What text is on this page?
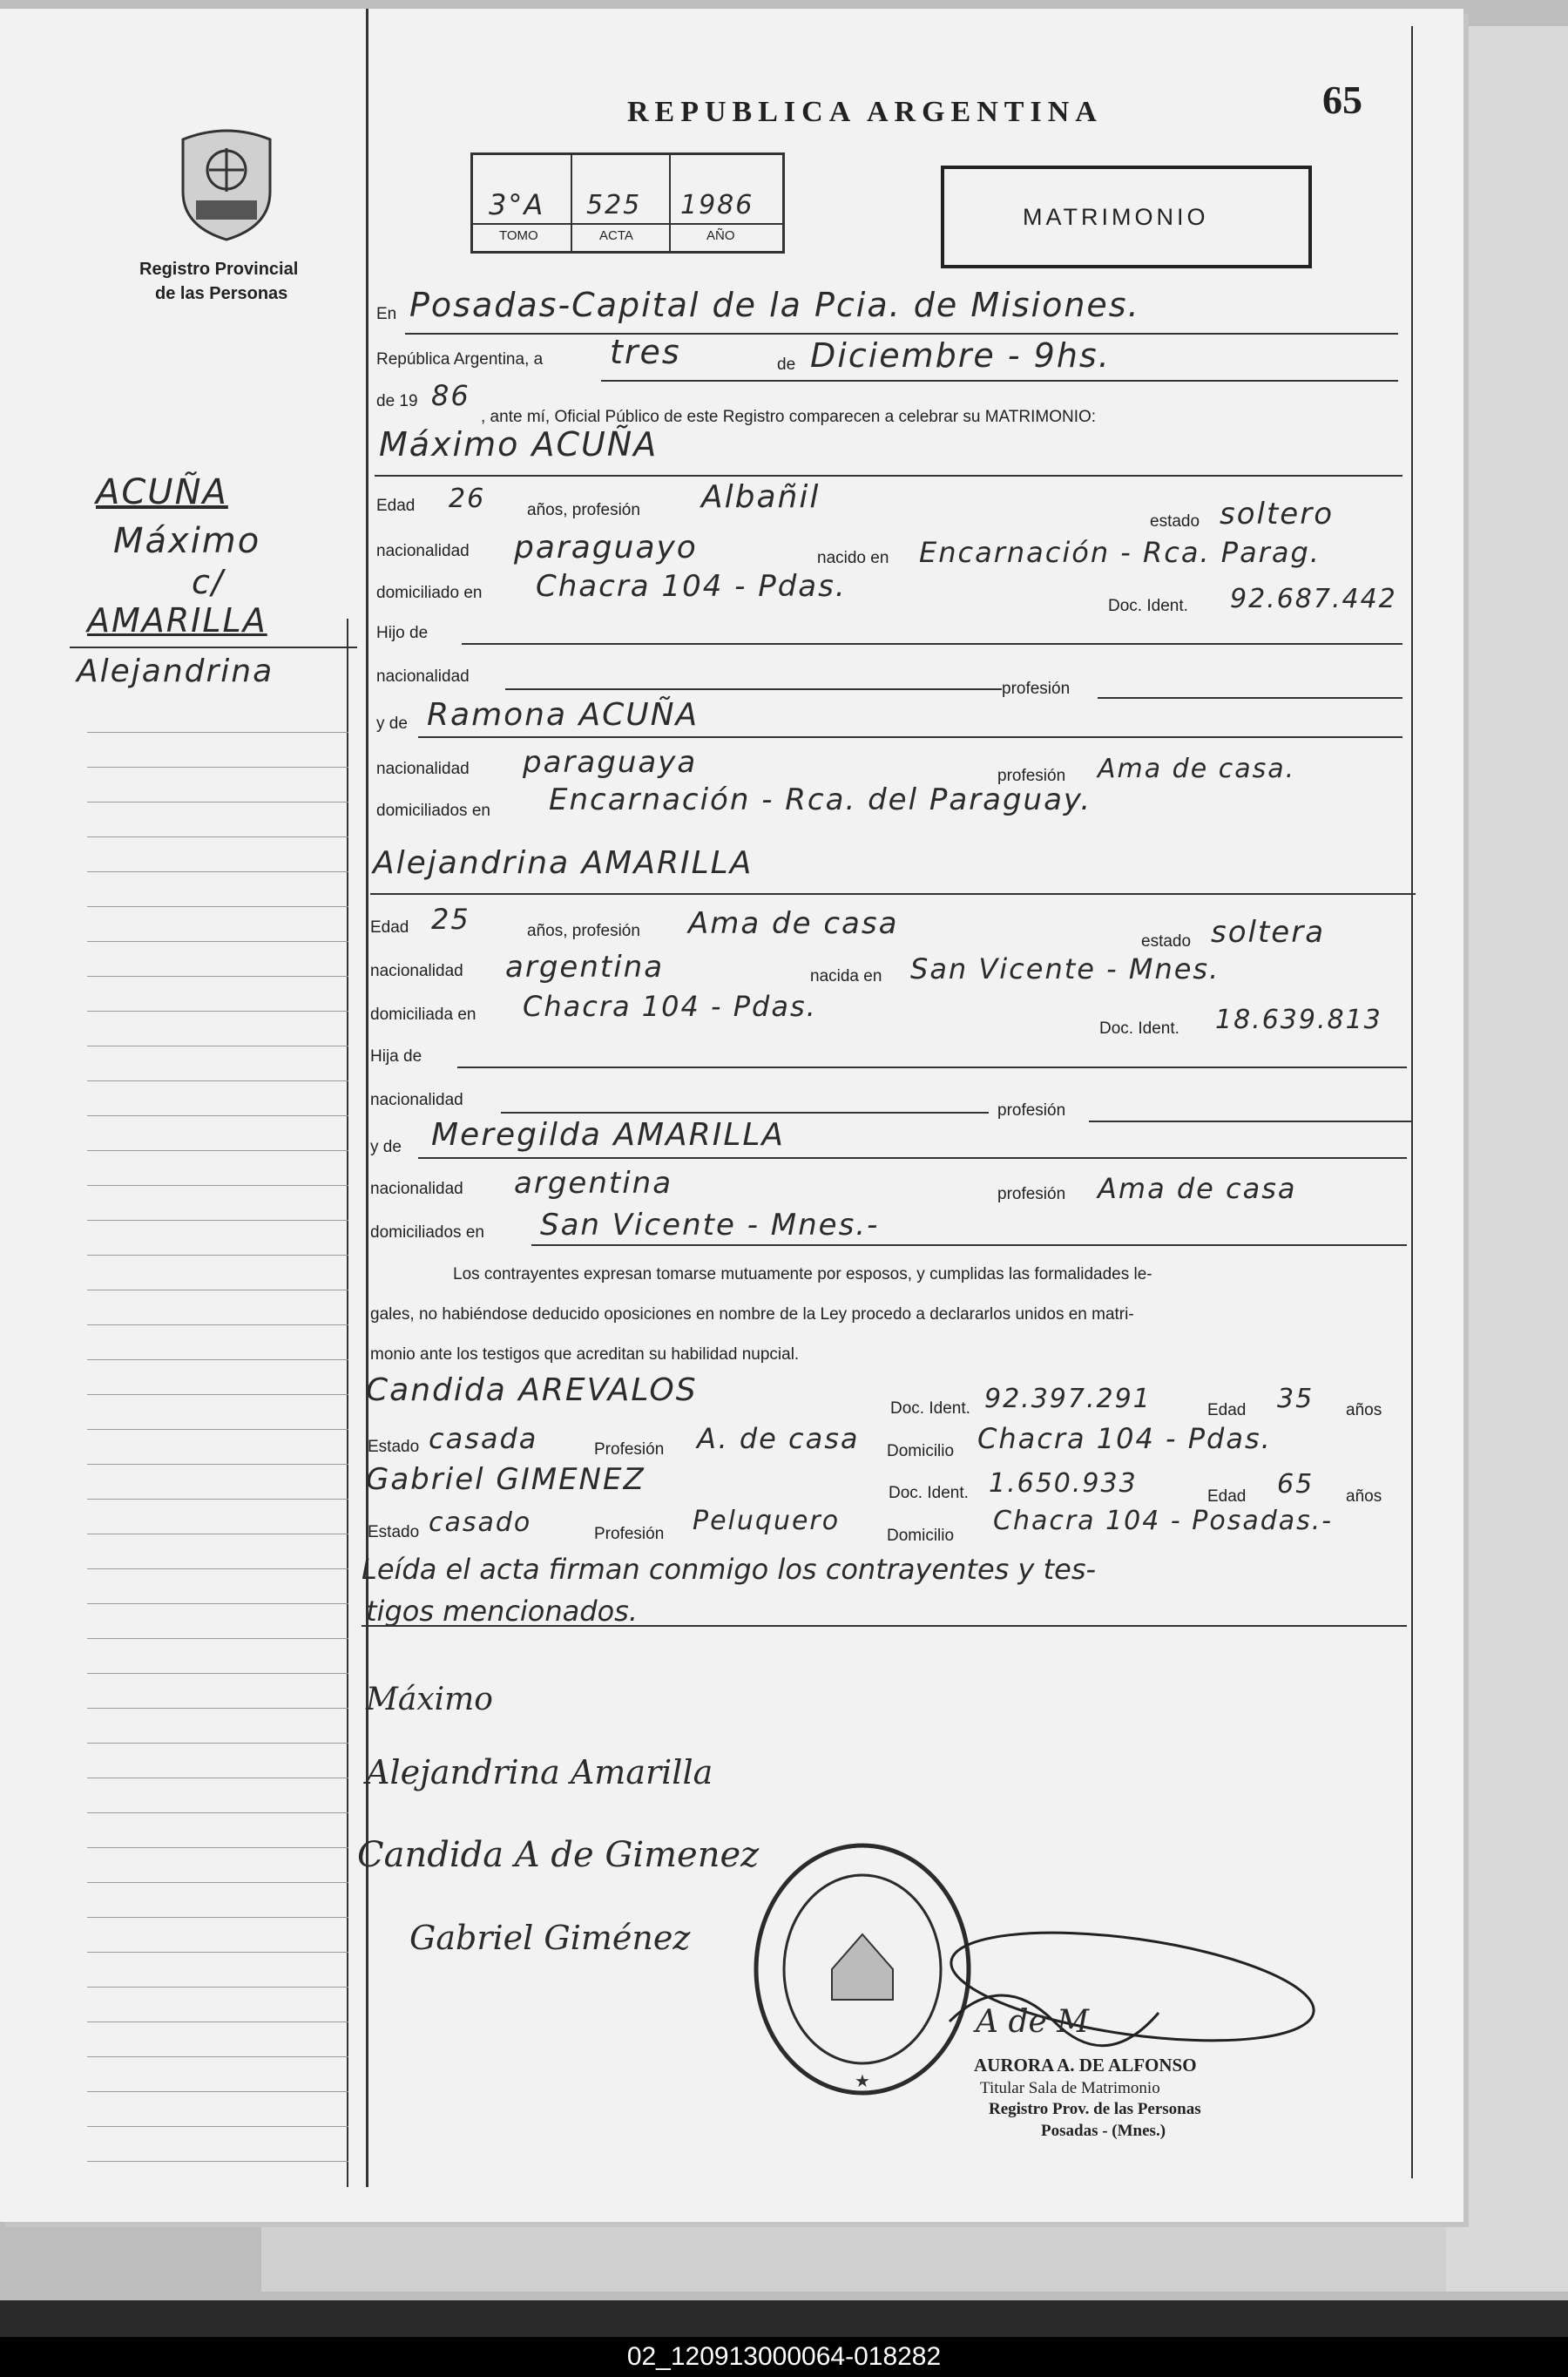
Registro Provincial
de las Personas
REPUBLICA ARGENTINA	65
3°A 525 1986
TOMO	ACTA	AÑO
MATRIMONIO
ACUÑA
Máximo
c/
AMARILLA
Alejandrina
En Posadas-Capital de la Pcia. de Misiones.
República Argentina, a tres	de Diciembre - 9hs.
de 19 86
, ante mí, Oficial Público de este Registro comparecen a celebrar su MATRIMONIO:
Máximo ACUÑA
Edad 26	años, profesión Albañil
estado soltero
nacionalidad paraguayo	nacido en Encarnación - Rca. Parag.
domiciliado en Chacra 104 - Pdas.
Doc. Ident. 92.687.442
Hijo de
nacionalidad
profesión
y de Ramona ACUÑA
nacionalidad paraguaya	profesión Ama de casa.
domiciliados en Encarnación - Rca. del Paraguay.
Alejandrina AMARILLA
Edad 25	años, profesión Ama de casa
estado soltera
nacionalidad argentina	nacida en San Vicente - Mnes.
domiciliada en Chacra 104 - Pdas.
Doc. Ident. 18.639.813
Hija de
nacionalidad
profesión
y de Meregilda AMARILLA
nacionalidad argentina	profesión Ama de casa
domiciliados en San Vicente - Mnes.-
Los contrayentes expresan tomarse mutuamente por esposos, y cumplidas las formalidades le-
gales, no habiéndose deducido oposiciones en nombre de la Ley procedo a declararlos unidos en matri-
monio ante los testigos que acreditan su habilidad nupcial.
Candida AREVALOS
Doc. Ident. 92.397.291	Edad 35 años
Estado casada	Profesión A. de casa Domicilio Chacra 104 - Pdas.
Gabriel GIMENEZ	Doc. Ident. 1.650.933	Edad 65 años
Estado casado	Profesión Peluquero	Domicilio Chacra 104 - Posadas.-
Leída el acta firman conmigo los contrayentes y tes-
tigos mencionados.
Máximo
Alejandrina Amarilla
Candida A de Gimenez
Gabriel Giménez
★
A de M
AURORA A. DE ALFONSO
Titular Sala de Matrimonio
Registro Prov. de las Personas
Posadas - (Mnes.)
02_120913000064-018282
